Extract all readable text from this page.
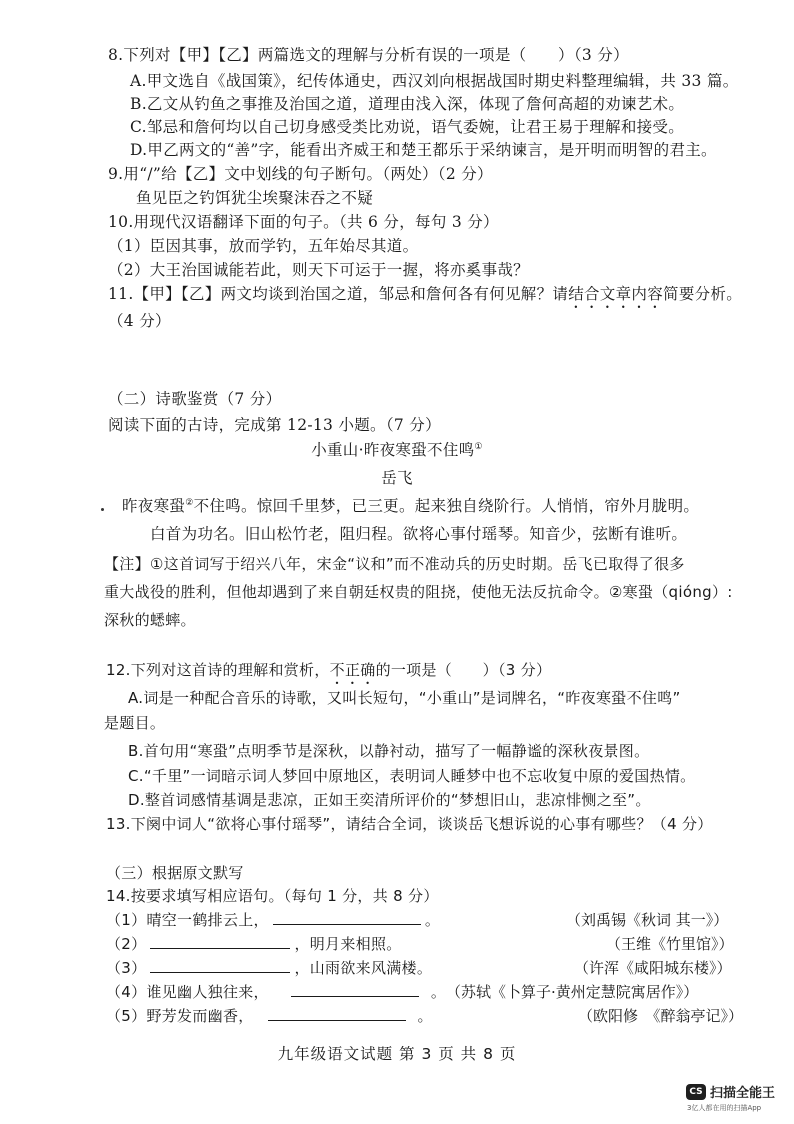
8.下列对【甲】【乙】两篇选文的理解与分析有误的一项是（　　）（3 分）
A.甲文选自《战国策》，纪传体通史，西汉刘向根据战国时期史料整理编辑，共 33 篇。
B.乙文从钓鱼之事推及治国之道，道理由浅入深，体现了詹何高超的劝谏艺术。
C.邹忌和詹何均以自己切身感受类比劝说，语气委婉，让君王易于理解和接受。
D.甲乙两文的“善”字，能看出齐威王和楚王都乐于采纳谏言，是开明而明智的君主。
9.用“/”给【乙】文中划线的句子断句。（两处）（2 分）
鱼见臣之钓饵犹尘埃聚沫吞之不疑
10.用现代汉语翻译下面的句子。（共 6 分，每句 3 分）
（1）臣因其事，放而学钓，五年始尽其道。
（2）大王治国诚能若此，则天下可运于一握，将亦奚事哉？
11.【甲】【乙】两文均谈到治国之道，邹忌和詹何各有何见解？请结合文章内容简要分析。
（4 分）
（二）诗歌鉴赏（7 分）
阅读下面的古诗，完成第 12-13 小题。（7 分）
小重山·昨夜寒蛩不住鸣①
岳飞
昨夜寒蛩②不住鸣。惊回千里梦，已三更。起来独自绕阶行。人悄悄，帘外月胧明。
白首为功名。旧山松竹老，阻归程。欲将心事付瑶琴。知音少，弦断有谁听。
【注】①这首词写于绍兴八年，宋金“议和”而不准动兵的历史时期。岳飞已取得了很多
重大战役的胜利，但他却遇到了来自朝廷权贵的阻挠，使他无法反抗命令。②寒蛩（qióng）:
深秋的蟋蟀。
12.下列对这首诗的理解和赏析，不正确的一项是（　　）（3 分）
A.词是一种配合音乐的诗歌，又叫长短句，“小重山”是词牌名，“昨夜寒蛩不住鸣”
是题目。
B.首句用“寒蛩”点明季节是深秋，以静衬动，描写了一幅静谧的深秋夜景图。
C.“千里”一词暗示词人梦回中原地区，表明词人睡梦中也不忘收复中原的爱国热情。
D.整首词感情基调是悲凉，正如王奕清所评价的“梦想旧山，悲凉悱恻之至”。
13.下阕中词人“欲将心事付瑶琴”，请结合全词，谈谈岳飞想诉说的心事有哪些？（4 分）
（三）根据原文默写
14.按要求填写相应语句。（每句 1 分，共 8 分）
（1）晴空一鹤排云上，	。	（刘禹锡《秋词 其一》）
（2）	，明月来相照。	（王维《竹里馆》）
（3）	，山雨欲来风满楼。	（许浑《咸阳城东楼》）
（4）谁见幽人独往来，	。 （苏轼《卜算子·黄州定慧院寓居作》）
（5）野芳发而幽香，	。	（欧阳修　《醉翁亭记》）
九年级语文试题 第 3 页 共 8 页
CS 扫描全能王
3亿人都在用的扫描App
